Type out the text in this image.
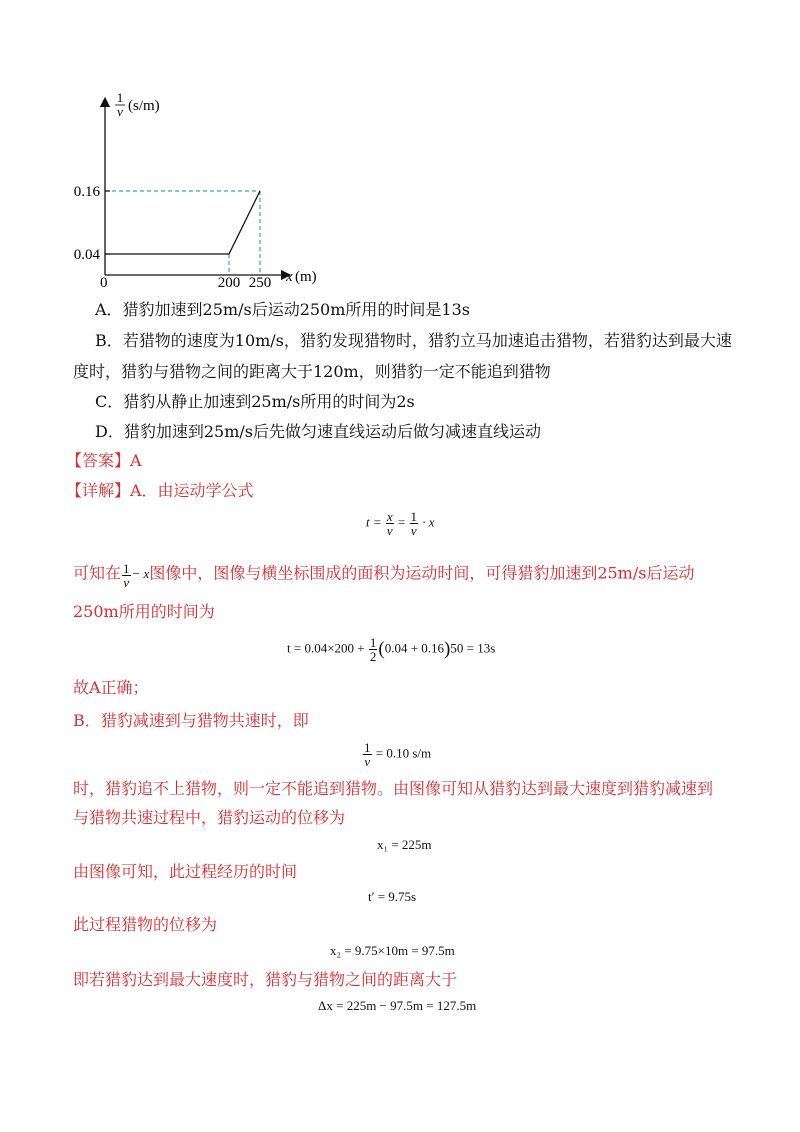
0.16
0.04
200 250
1
v (s/m)
x (m)
0
A．猎豹加速到25m/s后运动250m所用的时间是13s
B．若猎物的速度为10m/s，猎豹发现猎物时，猎豹立马加速追击猎物，若猎豹达到最大速
度时，猎豹与猎物之间的距离大于120m，则猎豹一定不能追到猎物
C．猎豹从静止加速到25m/s所用的时间为2s
D．猎豹加速到25m/s后先做匀速直线运动后做匀减速直线运动
【答案】A
【详解】A．由运动学公式
$t = \frac{x}{v} = \frac{1}{v} \cdot x$
可知在 $\frac{1}{v} - x$图像中，图像与横坐标围成的面积为运动时间，可得猎豹加速到25m/s后运动
250m所用的时间为
$t = 0.04\times 200 + \frac{1}{2} (0.04 + 0.16)50 = 13s$
故A正确；
B．猎豹减速到与猎物共速时，即
$\frac{1}{v} = 0.10$ s/m
时，猎豹追不上猎物，则一定不能追到猎物。由图像可知从猎豹达到最大速度到猎豹减速到
与猎物共速过程中，猎豹运动的位移为
x₁ = 225m
由图像可知，此过程经历的时间
t′ = 9.75s
此过程猎物的位移为
x₂ = 9.75×10m = 97.5m
即若猎豹达到最大速度时，猎豹与猎物之间的距离大于
Δx = 225m − 97.5m = 127.5m
